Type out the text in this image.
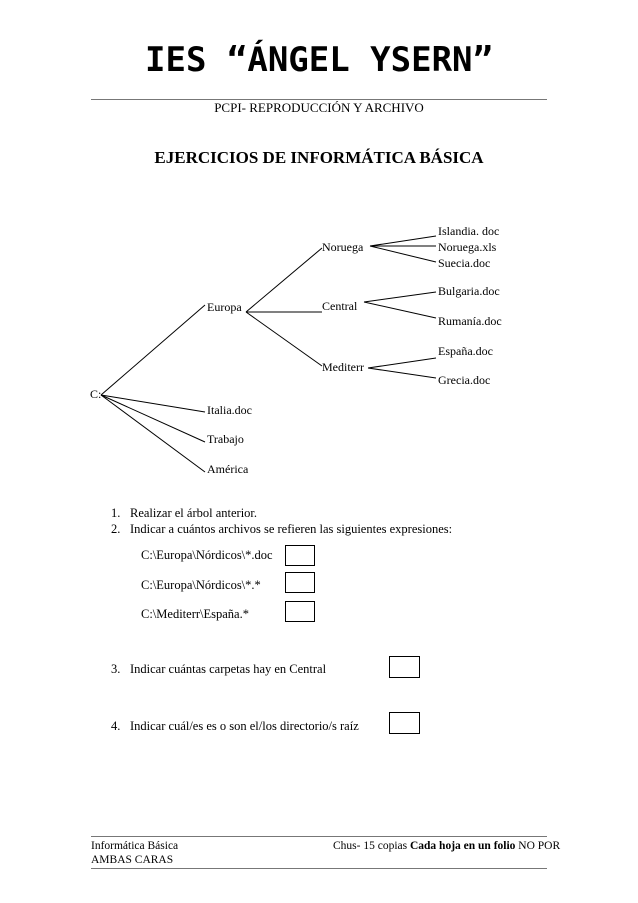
IES “ÁNGEL YSERN”
PCPI- REPRODUCCIÓN Y ARCHIVO
EJERCICIOS DE INFORMÁTICA BÁSICA
C:
Europa
Italia.doc
Trabajo
América
Noruega
Central
Mediterr
Islandia. doc
Noruega.xls
Suecia.doc
Bulgaria.doc
Rumanía.doc
España.doc
Grecia.doc
1. Realizar el árbol anterior.
2. Indicar a cuántos archivos se refieren las siguientes expresiones:
C:\Europa\Nórdicos\*.doc
C:\Europa\Nórdicos\*.*
C:\Mediterr\España.*
3. Indicar cuántas carpetas hay en Central
4. Indicar cuál/es es o son el/los directorio/s raíz
Informática Básica
AMBAS CARAS
Chus- 15 copias Cada hoja en un folio NO POR
